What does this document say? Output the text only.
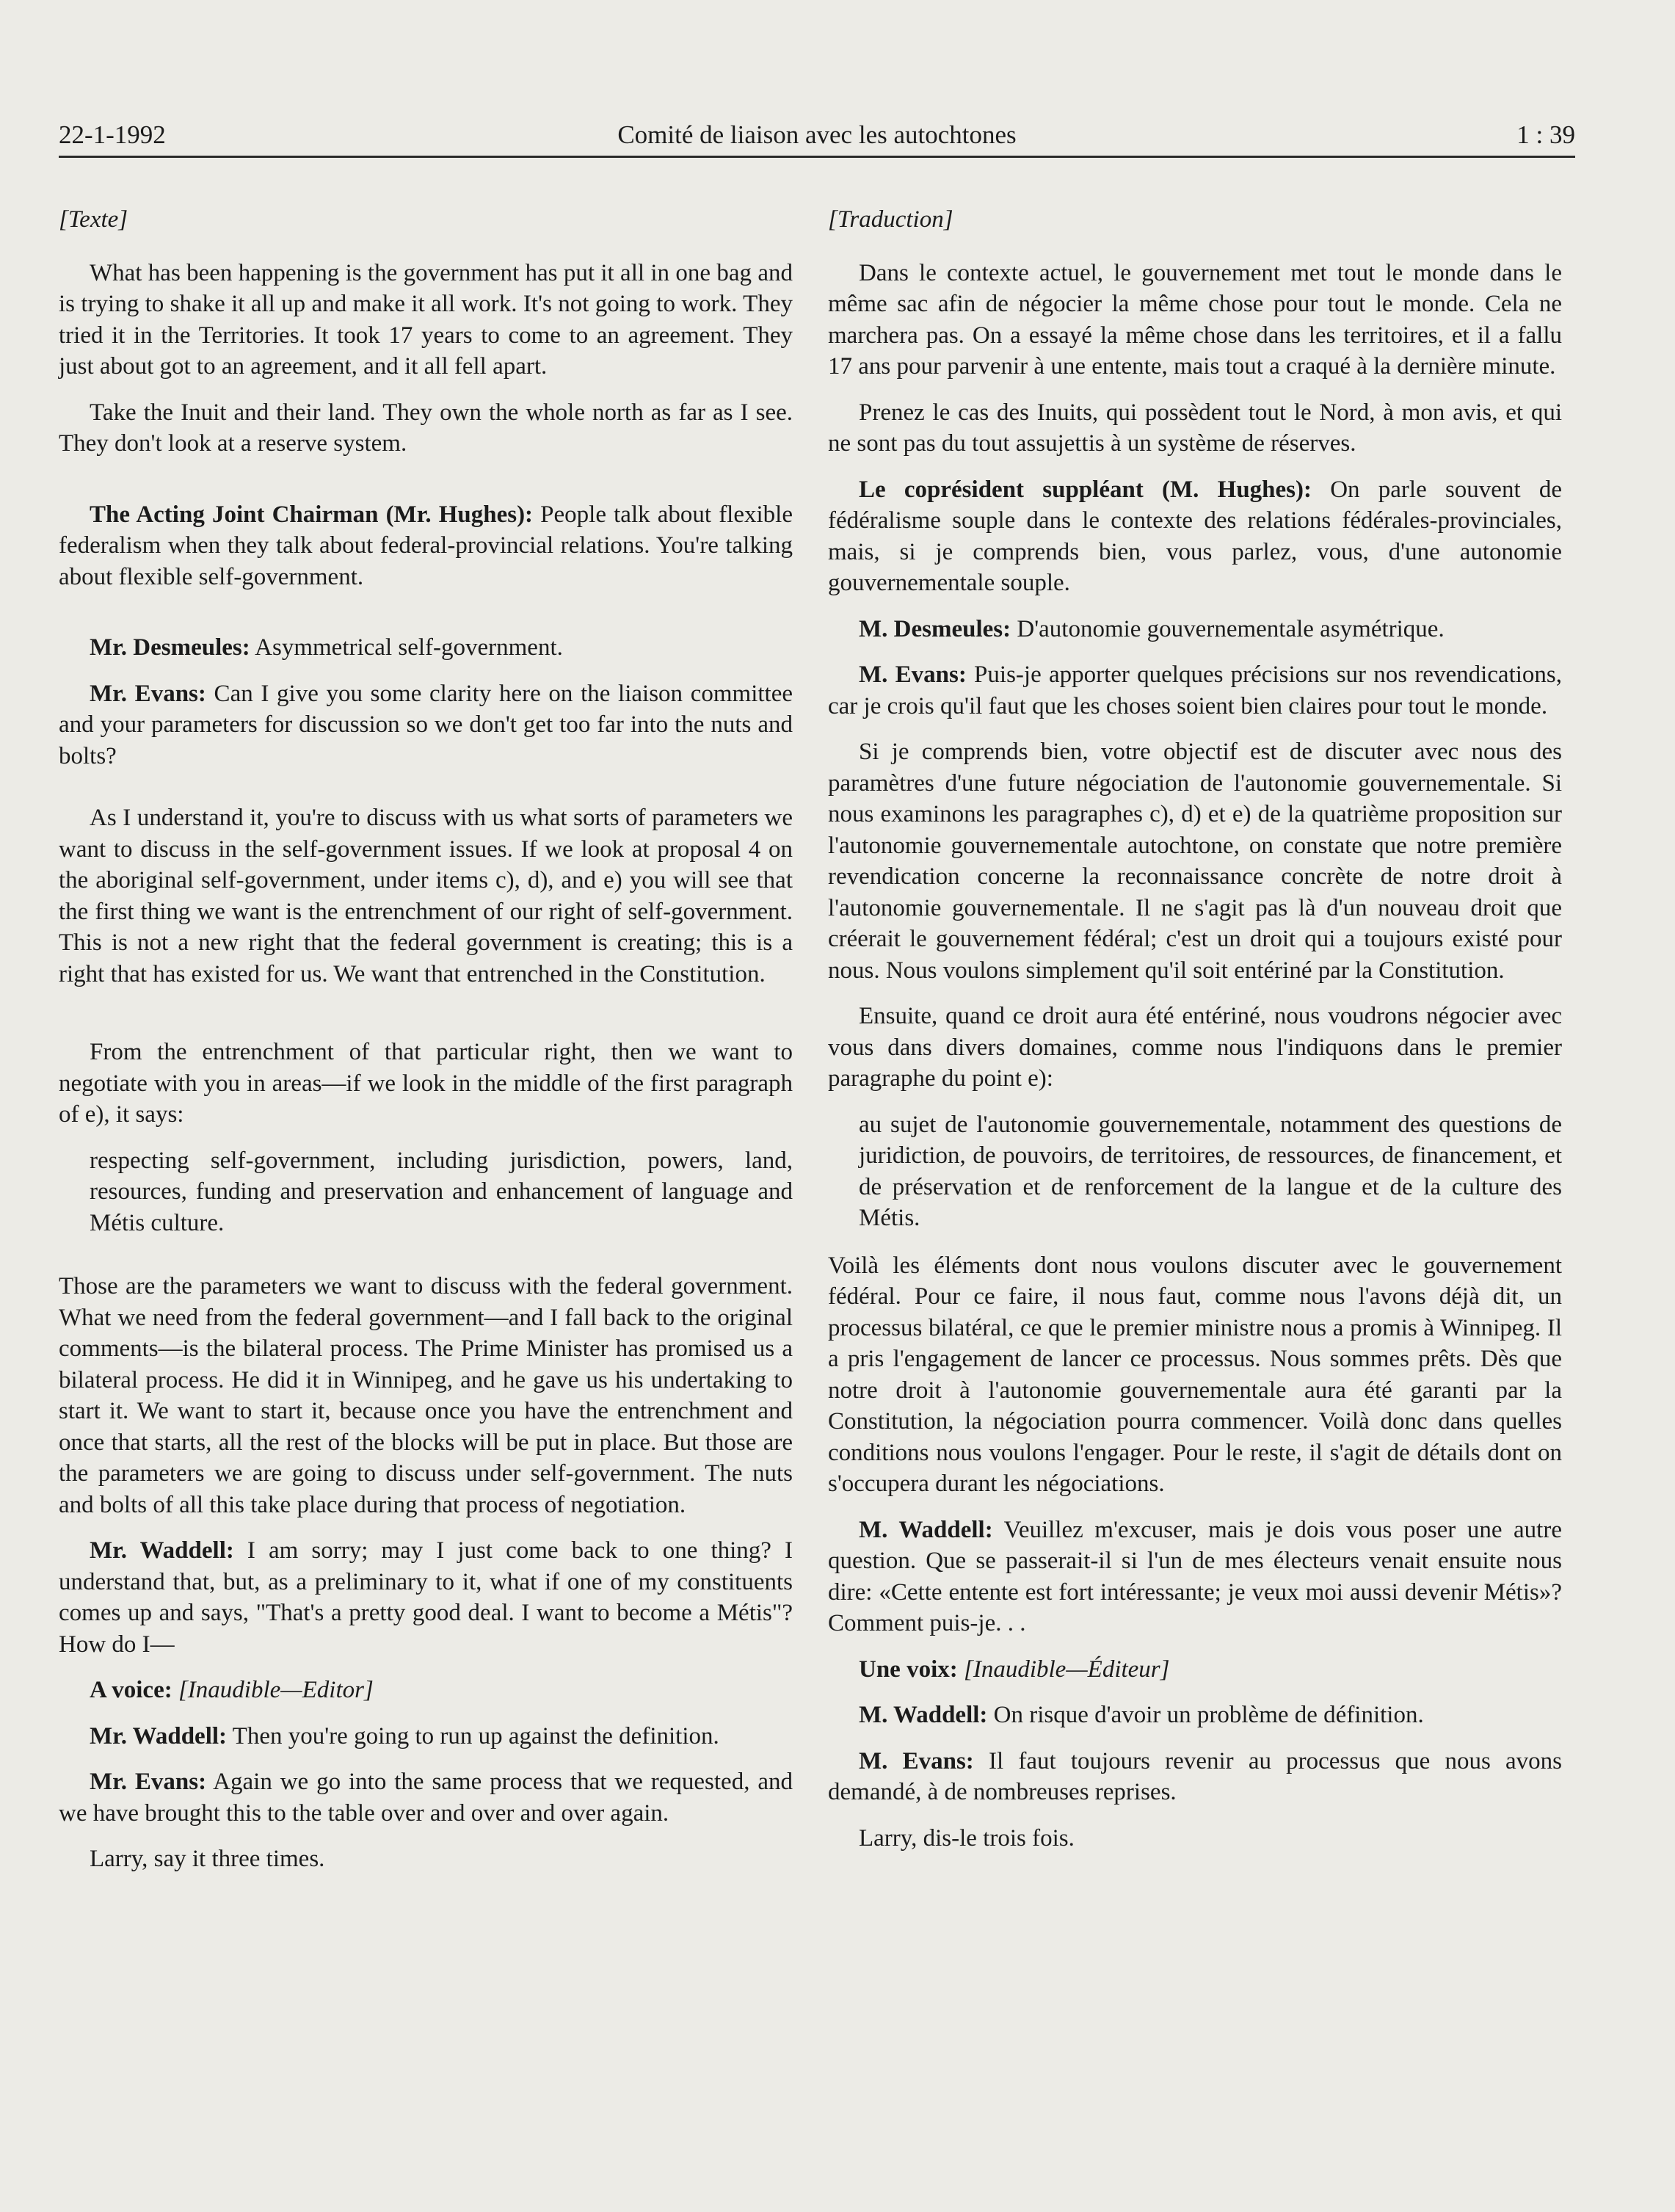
22-1-1992	Comité de liaison avec les autochtones	1 : 39

[Texte]

What has been happening is the government has put it all in one bag and is trying to shake it all up and make it all work. It's not going to work. They tried it in the Territories. It took 17 years to come to an agreement. They just about got to an agreement, and it all fell apart.

Take the Inuit and their land. They own the whole north as far as I see. They don't look at a reserve system.

The Acting Joint Chairman (Mr. Hughes): People talk about flexible federalism when they talk about federal-provincial relations. You're talking about flexible self-government.

Mr. Desmeules: Asymmetrical self-government.

Mr. Evans: Can I give you some clarity here on the liaison committee and your parameters for discussion so we don't get too far into the nuts and bolts?

As I understand it, you're to discuss with us what sorts of parameters we want to discuss in the self-government issues. If we look at proposal 4 on the aboriginal self-government, under items c), d), and e) you will see that the first thing we want is the entrenchment of our right of self-government. This is not a new right that the federal government is creating; this is a right that has existed for us. We want that entrenched in the Constitution.

From the entrenchment of that particular right, then we want to negotiate with you in areas—if we look in the middle of the first paragraph of e), it says:

respecting self-government, including jurisdiction, powers, land, resources, funding and preservation and enhancement of language and Métis culture.

Those are the parameters we want to discuss with the federal government. What we need from the federal government—and I fall back to the original comments—is the bilateral process. The Prime Minister has promised us a bilateral process. He did it in Winnipeg, and he gave us his undertaking to start it. We want to start it, because once you have the entrenchment and once that starts, all the rest of the blocks will be put in place. But those are the parameters we are going to discuss under self-government. The nuts and bolts of all this take place during that process of negotiation.

Mr. Waddell: I am sorry; may I just come back to one thing? I understand that, but, as a preliminary to it, what if one of my constituents comes up and says, "That's a pretty good deal. I want to become a Métis"? How do I—

A voice: [Inaudible—Editor]

Mr. Waddell: Then you're going to run up against the definition.

Mr. Evans: Again we go into the same process that we requested, and we have brought this to the table over and over and over again.

Larry, say it three times.

[Traduction]

Dans le contexte actuel, le gouvernement met tout le monde dans le même sac afin de négocier la même chose pour tout le monde. Cela ne marchera pas. On a essayé la même chose dans les territoires, et il a fallu 17 ans pour parvenir à une entente, mais tout a craqué à la dernière minute.

Prenez le cas des Inuits, qui possèdent tout le Nord, à mon avis, et qui ne sont pas du tout assujettis à un système de réserves.

Le coprésident suppléant (M. Hughes): On parle souvent de fédéralisme souple dans le contexte des relations fédérales-provinciales, mais, si je comprends bien, vous parlez, vous, d'une autonomie gouvernementale souple.

M. Desmeules: D'autonomie gouvernementale asymétrique.

M. Evans: Puis-je apporter quelques précisions sur nos revendications, car je crois qu'il faut que les choses soient bien claires pour tout le monde.

Si je comprends bien, votre objectif est de discuter avec nous des paramètres d'une future négociation de l'autonomie gouvernementale. Si nous examinons les paragraphes c), d) et e) de la quatrième proposition sur l'autonomie gouvernementale autochtone, on constate que notre première revendication concerne la reconnaissance concrète de notre droit à l'autonomie gouvernementale. Il ne s'agit pas là d'un nouveau droit que créerait le gouvernement fédéral; c'est un droit qui a toujours existé pour nous. Nous voulons simplement qu'il soit entériné par la Constitution.

Ensuite, quand ce droit aura été entériné, nous voudrons négocier avec vous dans divers domaines, comme nous l'indiquons dans le premier paragraphe du point e):

au sujet de l'autonomie gouvernementale, notamment des questions de juridiction, de pouvoirs, de territoires, de ressources, de financement, et de préservation et de renforcement de la langue et de la culture des Métis.

Voilà les éléments dont nous voulons discuter avec le gouvernement fédéral. Pour ce faire, il nous faut, comme nous l'avons déjà dit, un processus bilatéral, ce que le premier ministre nous a promis à Winnipeg. Il a pris l'engagement de lancer ce processus. Nous sommes prêts. Dès que notre droit à l'autonomie gouvernementale aura été garanti par la Constitution, la négociation pourra commencer. Voilà donc dans quelles conditions nous voulons l'engager. Pour le reste, il s'agit de détails dont on s'occupera durant les négociations.

M. Waddell: Veuillez m'excuser, mais je dois vous poser une autre question. Que se passerait-il si l'un de mes électeurs venait ensuite nous dire: «Cette entente est fort intéressante; je veux moi aussi devenir Métis»? Comment puis-je. . .

Une voix: [Inaudible—Éditeur]

M. Waddell: On risque d'avoir un problème de définition.

M. Evans: Il faut toujours revenir au processus que nous avons demandé, à de nombreuses reprises.

Larry, dis-le trois fois.
